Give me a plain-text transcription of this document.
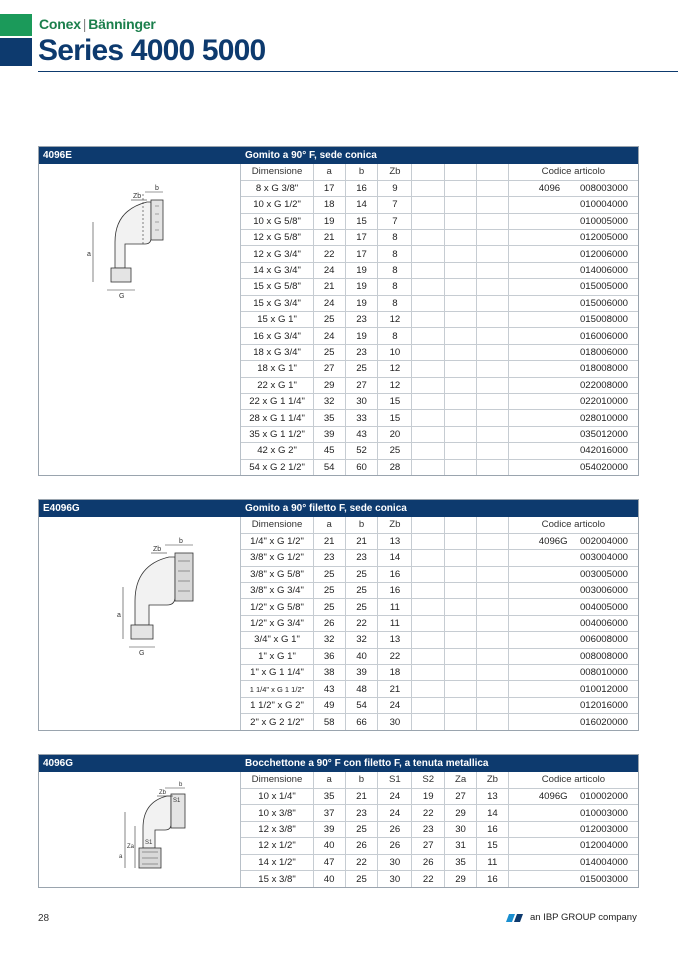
Conex | Bänninger
Series 4000 5000
4096E	Gomito a 90° F, sede conica
b
Zb
a
G
Dimensione	a	b	Zb				Codice articolo
8 x G 3/8"	17	16	9				4096 008003000
10 x G 1/2"	18	14	7				010004000
10 x G 5/8"	19	15	7				010005000
12 x G 5/8"	21	17	8				012005000
12 x G 3/4"	22	17	8				012006000
14 x G 3/4"	24	19	8				014006000
15 x G 5/8"	21	19	8				015005000
15 x G 3/4"	24	19	8				015006000
15 x G 1"	25	23	12				015008000
16 x G 3/4"	24	19	8				016006000
18 x G 3/4"	25	23	10				018006000
18 x G 1"	27	25	12				018008000
22 x G 1"	29	27	12				022008000
22 x G 1 1/4"	32	30	15				022010000
28 x G 1 1/4"	35	33	15				028010000
35 x G 1 1/2"	39	43	20				035012000
42 x G 2"	45	52	25				042016000
54 x G 2 1/2"	54	60	28				054020000
E4096G	Gomito a 90° filetto F, sede conica
b
Zb
a
G
Dimensione	a	b	Zb				Codice articolo
1/4" x G 1/2"	21	21	13				4096G 002004000
3/8" x G 1/2"	23	23	14				003004000
3/8" x G 5/8"	25	25	16				003005000
3/8" x G 3/4"	25	25	16				003006000
1/2" x G 5/8"	25	25	11				004005000
1/2" x G 3/4"	26	22	11				004006000
3/4" x G 1"	32	32	13				006008000
1" x G 1"	36	40	22				008008000
1" x G 1 1/4"	38	39	18				008010000
1 1/4" x G 1 1/2"	43	48	21				010012000
1 1/2" x G 2"	49	54	24				012016000
2" x G 2 1/2"	58	66	30				016020000
4096G	Bocchettone a 90° F con filetto F, a tenuta metallica
b
Zb
S1
S1
Za
a
Dimensione	a	b	S1	S2	Za	Zb	Codice articolo
10 x 1/4"	35	21	24	19	27	13	4096G 010002000
10 x 3/8"	37	23	24	22	29	14	010003000
12 x 3/8"	39	25	26	23	30	16	012003000
12 x 1/2"	40	26	26	27	31	15	012004000
14 x 1/2"	47	22	30	26	35	11	014004000
15 x 3/8"	40	25	30	22	29	16	015003000
28	an IBP GROUP company
